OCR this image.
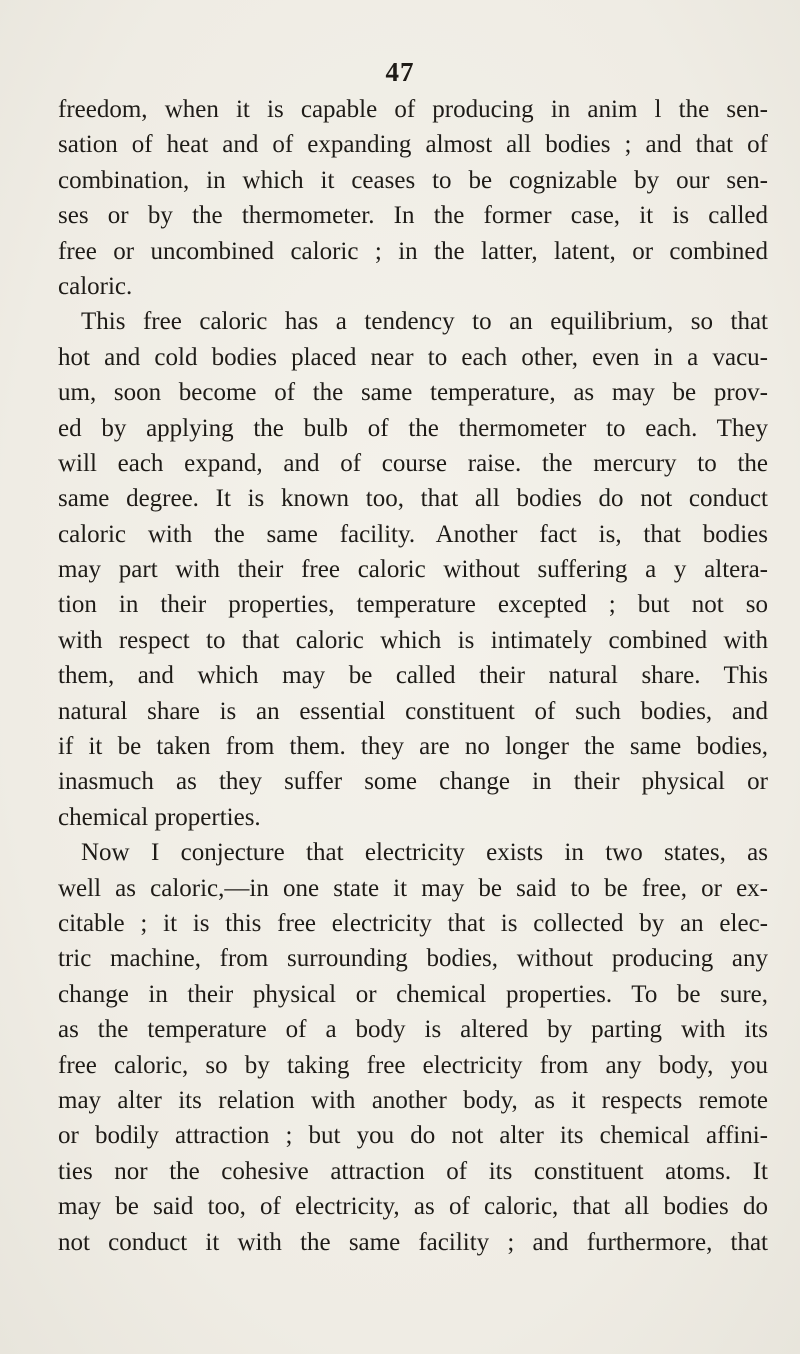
47
freedom, when it is capable of producing in anim l the sen-
sation of heat and of expanding almost all bodies ; and that of
combination, in which it ceases to be cognizable by our sen-
ses or by the thermometer. In the former case, it is called
free or uncombined caloric ; in the latter, latent, or combined
caloric.
This free caloric has a tendency to an equilibrium, so that
hot and cold bodies placed near to each other, even in a vacu-
um, soon become of the same temperature, as may be prov-
ed by applying the bulb of the thermometer to each. They
will each expand, and of course raise. the mercury to the
same degree. It is known too, that all bodies do not conduct
caloric with the same facility. Another fact is, that bodies
may part with their free caloric without suffering a y altera-
tion in their properties, temperature excepted ; but not so
with respect to that caloric which is intimately combined with
them, and which may be called their natural share. This
natural share is an essential constituent of such bodies, and
if it be taken from them. they are no longer the same bodies,
inasmuch as they suffer some change in their physical or
chemical properties.
Now I conjecture that electricity exists in two states, as
well as caloric,—in one state it may be said to be free, or ex-
citable ; it is this free electricity that is collected by an elec-
tric machine, from surrounding bodies, without producing any
change in their physical or chemical properties. To be sure,
as the temperature of a body is altered by parting with its
free caloric, so by taking free electricity from any body, you
may alter its relation with another body, as it respects remote
or bodily attraction ; but you do not alter its chemical affini-
ties nor the cohesive attraction of its constituent atoms. It
may be said too, of electricity, as of caloric, that all bodies do
not conduct it with the same facility ; and furthermore, that
